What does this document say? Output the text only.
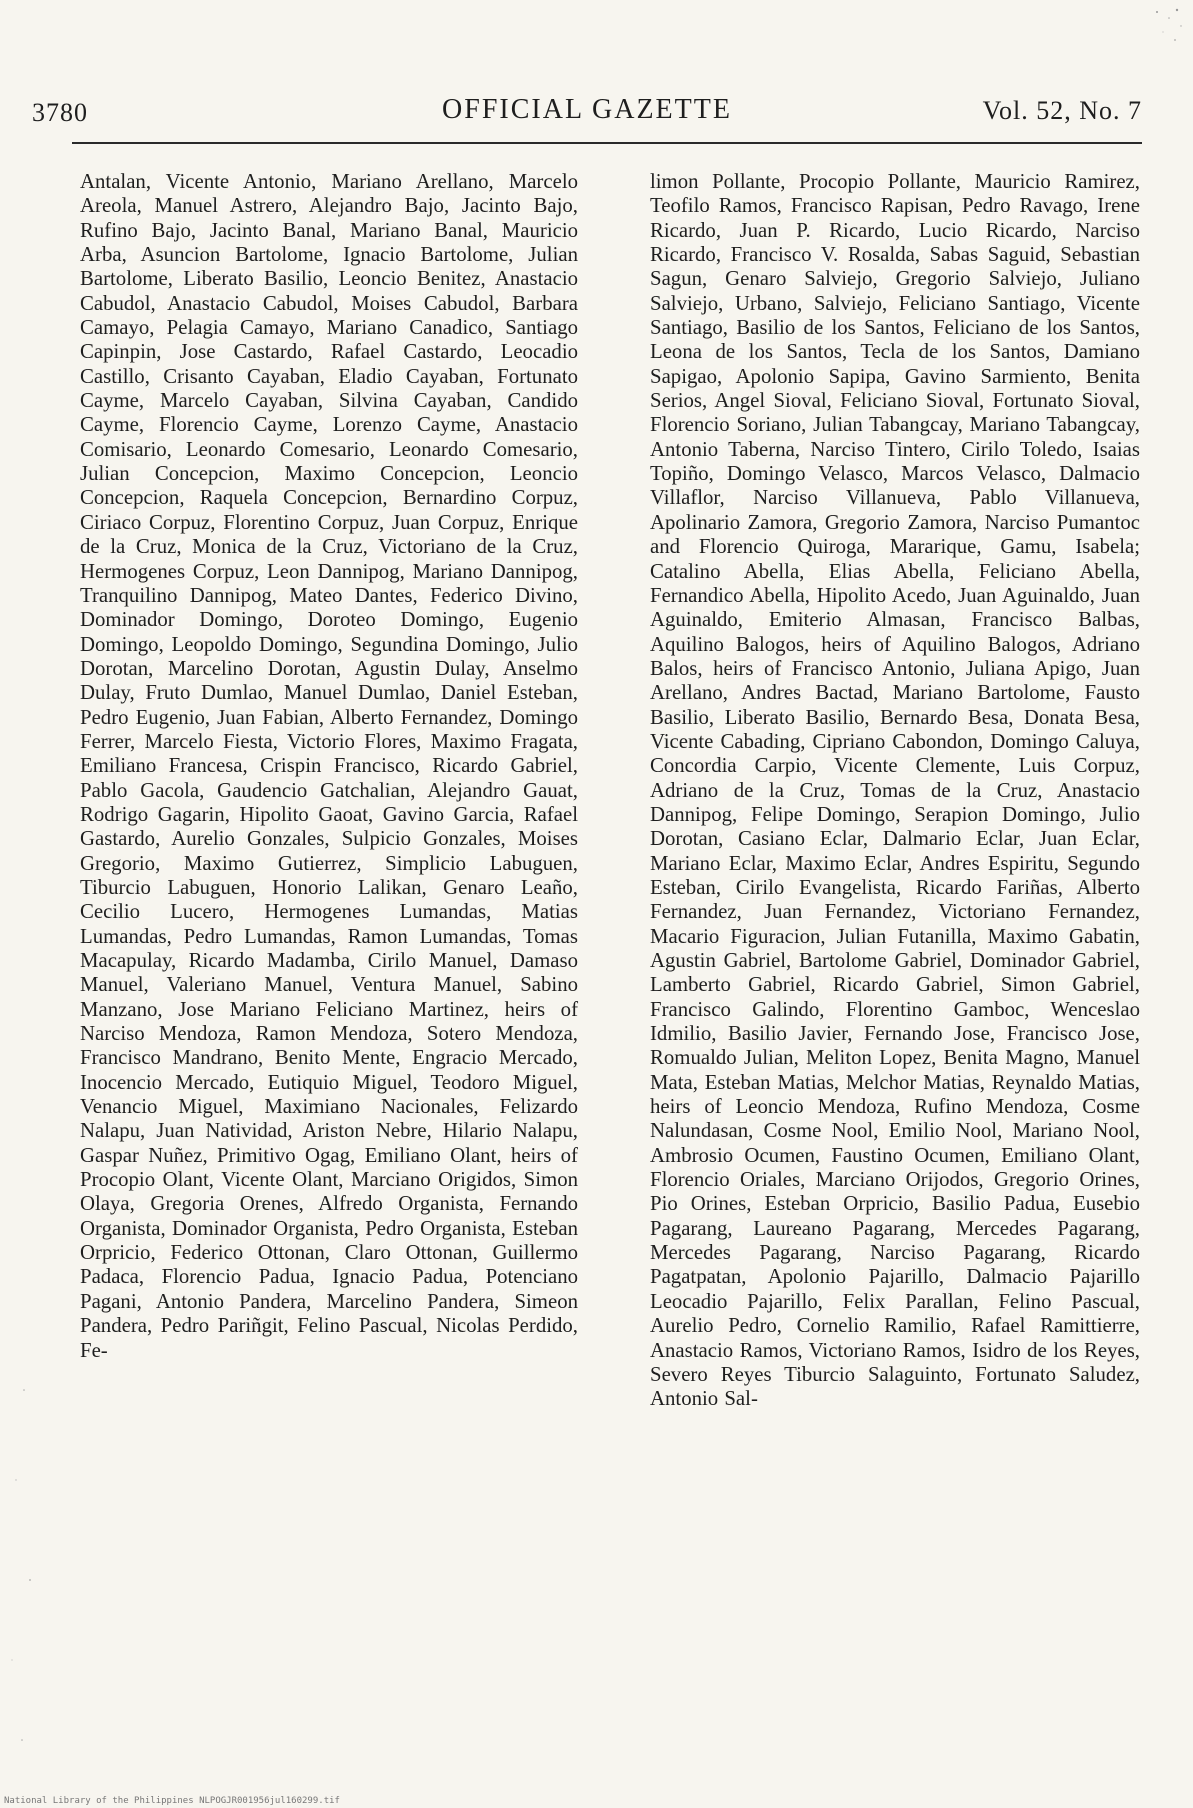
3780	OFFICIAL GAZETTE	Vol. 52, No. 7

Antalan, Vicente Antonio, Mariano Arellano, Marcelo Areola, Manuel Astrero, Alejandro Bajo, Jacinto Bajo, Rufino Bajo, Jacinto Banal, Mariano Banal, Mauricio Arba, Asuncion Bartolome, Ignacio Bartolome, Julian Bartolome, Liberato Basilio, Leoncio Benitez, Anastacio Cabudol, Anastacio Cabudol, Moises Cabudol, Barbara Camayo, Pelagia Camayo, Mariano Canadico, Santiago Capinpin, Jose Castardo, Rafael Castardo, Leocadio Castillo, Crisanto Cayaban, Eladio Cayaban, Fortunato Cayme, Marcelo Cayaban, Silvina Cayaban, Candido Cayme, Florencio Cayme, Lorenzo Cayme, Anastacio Comisario, Leonardo Comesario, Leonardo Comesario, Julian Concepcion, Maximo Concepcion, Leoncio Concepcion, Raquela Concepcion, Bernardino Corpuz, Ciriaco Corpuz, Florentino Corpuz, Juan Corpuz, Enrique de la Cruz, Monica de la Cruz, Victoriano de la Cruz, Hermogenes Corpuz, Leon Dannipog, Mariano Dannipog, Tranquilino Dannipog, Mateo Dantes, Federico Divino, Dominador Domingo, Doroteo Domingo, Eugenio Domingo, Leopoldo Domingo, Segundina Domingo, Julio Dorotan, Marcelino Dorotan, Agustin Dulay, Anselmo Dulay, Fruto Dumlao, Manuel Dumlao, Daniel Esteban, Pedro Eugenio, Juan Fabian, Alberto Fernandez, Domingo Ferrer, Marcelo Fiesta, Victorio Flores, Maximo Fragata, Emiliano Francesa, Crispin Francisco, Ricardo Gabriel, Pablo Gacola, Gaudencio Gatchalian, Alejandro Gauat, Rodrigo Gagarin, Hipolito Gaoat, Gavino Garcia, Rafael Gastardo, Aurelio Gonzales, Sulpicio Gonzales, Moises Gregorio, Maximo Gutierrez, Simplicio Labuguen, Tiburcio Labuguen, Honorio Lalikan, Genaro Leaño, Cecilio Lucero, Hermogenes Lumandas, Matias Lumandas, Pedro Lumandas, Ramon Lumandas, Tomas Macapulay, Ricardo Madamba, Cirilo Manuel, Damaso Manuel, Valeriano Manuel, Ventura Manuel, Sabino Manzano, Jose Mariano Feliciano Martinez, heirs of Narciso Mendoza, Ramon Mendoza, Sotero Mendoza, Francisco Mandrano, Benito Mente, Engracio Mercado, Inocencio Mercado, Eutiquio Miguel, Teodoro Miguel, Venancio Miguel, Maximiano Nacionales, Felizardo Nalapu, Juan Natividad, Ariston Nebre, Hilario Nalapu, Gaspar Nuñez, Primitivo Ogag, Emiliano Olant, heirs of Procopio Olant, Vicente Olant, Marciano Origidos, Simon Olaya, Gregoria Orenes, Alfredo Organista, Fernando Organista, Dominador Organista, Pedro Organista, Esteban Orpricio, Federico Ottonan, Claro Ottonan, Guillermo Padaca, Florencio Padua, Ignacio Padua, Potenciano Pagani, Antonio Pandera, Marcelino Pandera, Simeon Pandera, Pedro Pariñgit, Felino Pascual, Nicolas Perdido, Fe-

limon Pollante, Procopio Pollante, Mauricio Ramirez, Teofilo Ramos, Francisco Rapisan, Pedro Ravago, Irene Ricardo, Juan P. Ricardo, Lucio Ricardo, Narciso Ricardo, Francisco V. Rosalda, Sabas Saguid, Sebastian Sagun, Genaro Salviejo, Gregorio Salviejo, Juliano Salviejo, Urbano, Salviejo, Feliciano Santiago, Vicente Santiago, Basilio de los Santos, Feliciano de los Santos, Leona de los Santos, Tecla de los Santos, Damiano Sapigao, Apolonio Sapipa, Gavino Sarmiento, Benita Serios, Angel Sioval, Feliciano Sioval, Fortunato Sioval, Florencio Soriano, Julian Tabangcay, Mariano Tabangcay, Antonio Taberna, Narciso Tintero, Cirilo Toledo, Isaias Topiño, Domingo Velasco, Marcos Velasco, Dalmacio Villaflor, Narciso Villanueva, Pablo Villanueva, Apolinario Zamora, Gregorio Zamora, Narciso Pumantoc and Florencio Quiroga, Mararique, Gamu, Isabela; Catalino Abella, Elias Abella, Feliciano Abella, Fernandico Abella, Hipolito Acedo, Juan Aguinaldo, Juan Aguinaldo, Emiterio Almasan, Francisco Balbas, Aquilino Balogos, heirs of Aquilino Balogos, Adriano Balos, heirs of Francisco Antonio, Juliana Apigo, Juan Arellano, Andres Bactad, Mariano Bartolome, Fausto Basilio, Liberato Basilio, Bernardo Besa, Donata Besa, Vicente Cabading, Cipriano Cabondon, Domingo Caluya, Concordia Carpio, Vicente Clemente, Luis Corpuz, Adriano de la Cruz, Tomas de la Cruz, Anastacio Dannipog, Felipe Domingo, Serapion Domingo, Julio Dorotan, Casiano Eclar, Dalmario Eclar, Juan Eclar, Mariano Eclar, Maximo Eclar, Andres Espiritu, Segundo Esteban, Cirilo Evangelista, Ricardo Fariñas, Alberto Fernandez, Juan Fernandez, Victoriano Fernandez, Macario Figuracion, Julian Futanilla, Maximo Gabatin, Agustin Gabriel, Bartolome Gabriel, Dominador Gabriel, Lamberto Gabriel, Ricardo Gabriel, Simon Gabriel, Francisco Galindo, Florentino Gamboc, Wenceslao Idmilio, Basilio Javier, Fernando Jose, Francisco Jose, Romualdo Julian, Meliton Lopez, Benita Magno, Manuel Mata, Esteban Matias, Melchor Matias, Reynaldo Matias, heirs of Leoncio Mendoza, Rufino Mendoza, Cosme Nalundasan, Cosme Nool, Emilio Nool, Mariano Nool, Ambrosio Ocumen, Faustino Ocumen, Emiliano Olant, Florencio Oriales, Marciano Orijodos, Gregorio Orines, Pio Orines, Esteban Orpricio, Basilio Padua, Eusebio Pagarang, Laureano Pagarang, Mercedes Pagarang, Mercedes Pagarang, Narciso Pagarang, Ricardo Pagatpatan, Apolonio Pajarillo, Dalmacio Pajarillo Leocadio Pajarillo, Felix Parallan, Felino Pascual, Aurelio Pedro, Cornelio Ramilio, Rafael Ramittierre, Anastacio Ramos, Victoriano Ramos, Isidro de los Reyes, Severo Reyes Tiburcio Salaguinto, Fortunato Saludez, Antonio Sal-

National Library of the Philippines NLPOGJR001956jul160299.tif
